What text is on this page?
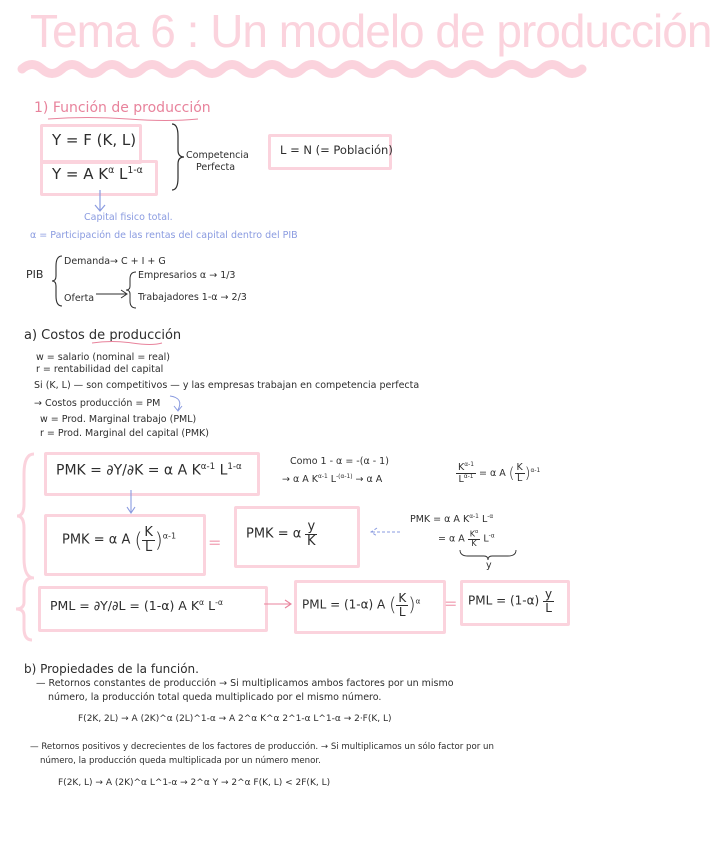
Tema 6 : Un modelo de producción
1) Función de producción
Y = F (K, L)
Y = A $K^\alpha$ $L^{1-\alpha}$
Competencia
Perfecta
L = N (= Población)
Capital fisico total.
α = Participación de las rentas del capital dentro del PIB
PIB
Demanda → C + I + G
Oferta
Empresarios α → 1/3
Trabajadores 1-α → 2/3
a) Costos de producción
w = salario (nominal = real)
r = rentabilidad del capital
Si (K, L) — son competitivos — y las empresas trabajan en competencia perfecta
→ Costos producción = PM
w = Prod. Marginal trabajo (PML)
r = Prod. Marginal del capital (PMK)
PMK = ∂Y/∂K = α A $K^{\alpha-1}$ $L^{1-\alpha}$	Como 1 - α = -(α - 1)
→ α A $K^{\alpha-1}$ $L^{-(\alpha-1)} \to \alpha$ A	$\frac{K^{\alpha-1}}{L^{\alpha-1}} = \alpha$ A ( $\frac{K}{L} )^{\alpha-1}$
PMK = α A ( $\frac{K}{L} )^{\alpha-1}$ = PMK = α $\frac{y}{K}$
PMK = α A $K^{\alpha-1}$ $L^{-\alpha}$
= α A $\frac{K^\alpha}{K} L^{-\alpha}$
y
PML = ∂Y/∂L = (1-α) A $K^\alpha$ $L^{-\alpha}$	PML = (1-α) A ( $\frac{K}{L} )^\alpha$ = PML = $(1-\alpha) \frac{y}{L}$
b) Propiedades de la función.
— Retornos constantes de producción → Si multiplicamos ambos factores por un mismo
número, la producción total queda multiplicado por el mismo número.
F(2K, 2L) → A (2K)^α (2L)^1-α → A 2^α K^α 2^1-α L^1-α → 2·F(K, L)
— Retornos positivos y decrecientes de los factores de producción. → Si multiplicamos un sólo factor por un
número, la producción queda multiplicada por un número menor.
F(2K, L) → A (2K)^α L^1-α → 2^α Y → 2^α F(K, L) < 2F(K, L)
